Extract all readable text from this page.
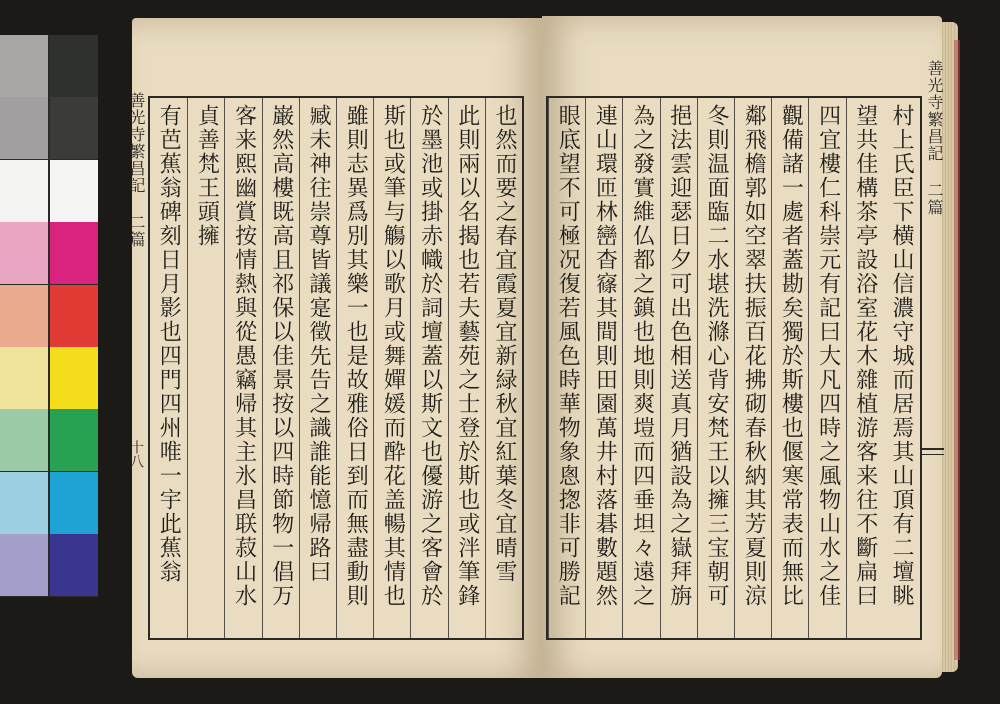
善光寺繁昌記 二篇
十八
善光寺繁昌記 二篇
有芭蕉翁碑刻日月影也四門四州唯一宇此蕉翁 貞善梵王頭擁 客来熙幽賞按情熱與從愚竊帰其主氷昌联菽山水 巌然高樓既高且祁保以佳景按以四時節物一倡万 臧未神往崇尊皆議寔徵先告之識誰能憶帰路曰 雖則志異爲別其樂一也是故雅俗日到而無盡動則 斯也或筆与觴以歌月或舞嬋媛而酔花盖暢其情也 於墨池或掛赤幟於詞壇蓋以斯文也優游之客會於 此則兩以名揭也若夫藝苑之士登於斯也或泮筆鋒 也然而要之春宜霞夏宜新緑秋宜紅葉冬宜晴雪	村上氏臣下横山信濃守城而居焉其山頂有二壇眺
望共佳構茶亭設浴室花木雜植游客来往不斷扁曰
四宜樓仁科崇元有記曰大凡四時之風物山水之佳
觀備諸一處者蓋勘矣獨於斯樓也偃寒常表而無比
鄰飛檐郭如空翠扶振百花拂砌春秋納其芳夏則涼
冬則温面臨二水堪洗滌心背安梵王以擁三宝朝可
挹法雲迎瑟日夕可出色相送真月猶設為之嶽拜旃
為之發實維仏都之鎮也地則爽塏而四垂坦々遠之
連山環匝林巒杳窱其間則田園萬井村落碁數題然
眼底望不可極况復若風色時華物象悤揔非可勝記
